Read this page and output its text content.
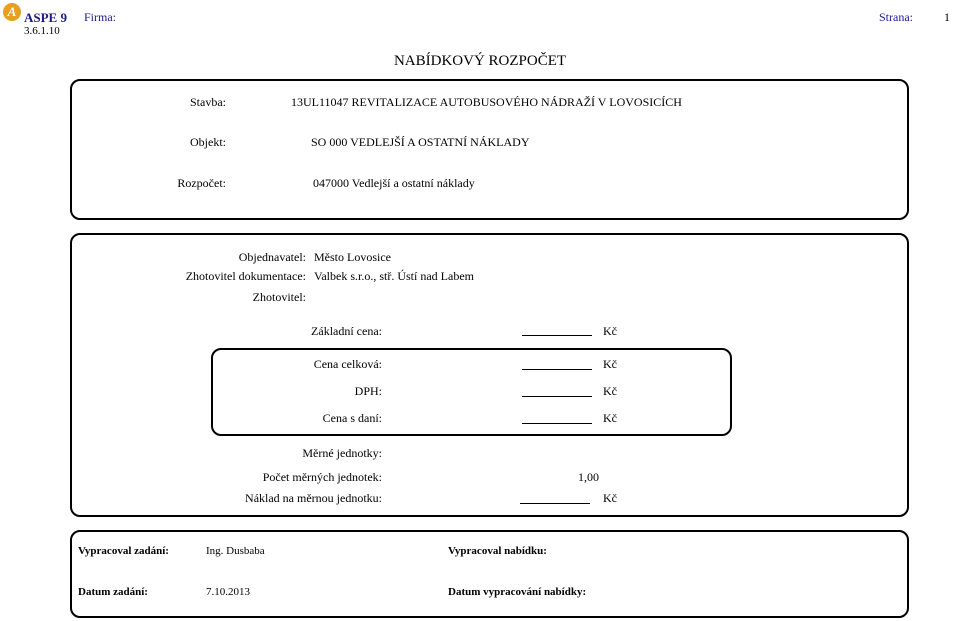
A ASPE 9
3.6.1.10
Firma:	Strana:	1
NABÍDKOVÝ ROZPOČET
Stavba:	13UL11047 REVITALIZACE AUTOBUSOVÉHO NÁDRAŽÍ V LOVOSICÍCH
Objekt:	SO 000 VEDLEJŠÍ A OSTATNÍ NÁKLADY
Rozpočet:	047000 Vedlejší a ostatní náklady
Objednavatel: Město Lovosice
Zhotovitel dokumentace: Valbek s.r.o., stř. Ústí nad Labem
Zhotovitel:
Základní cena:	Kč
Cena celková:	Kč
DPH:	Kč
Cena s daní:	Kč
Měrné jednotky:
Počet měrných jednotek:	1,00
Náklad na měrnou jednotku:	Kč
Vypracoval zadání:	Ing. Dusbaba	Vypracoval nabídku:
Datum zadání:	7.10.2013	Datum vypracování nabídky:
